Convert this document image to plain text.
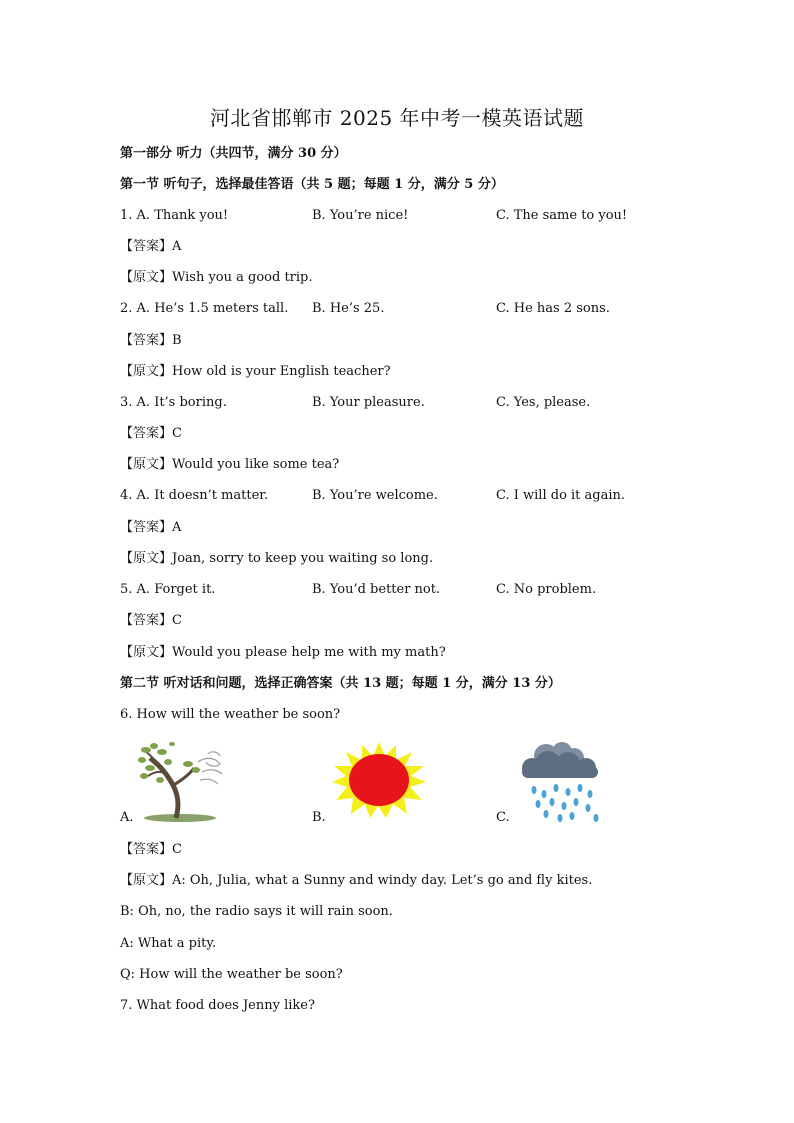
河北省邯郸市 2025 年中考一模英语试题
第一部分 听力（共四节，满分 30 分）
第一节 听句子，选择最佳答语（共 5 题；每题 1 分，满分 5 分）
1. A. Thank you!	B. You’re nice!	C. The same to you!
【答案】A
【原文】Wish you a good trip.
2. A. He’s 1.5 meters tall. B. He’s 25.	C. He has 2 sons.
【答案】B
【原文】How old is your English teacher?
3. A. It’s boring.	B. Your pleasure.	C. Yes, please.
【答案】C
【原文】Would you like some tea?
4. A. It doesn’t matter.	B. You’re welcome.	C. I will do it again.
【答案】A
【原文】Joan, sorry to keep you waiting so long.
5. A. Forget it.	B. You’d better not.	C. No problem.
【答案】C
【原文】Would you please help me with my math?
第二节 听对话和问题，选择正确答案（共 13 题；每题 1 分，满分 13 分）
6. How will the weather be soon?
A.	B.	C.
【答案】C
【原文】A: Oh, Julia, what a Sunny and windy day. Let’s go and fly kites.
B: Oh, no, the radio says it will rain soon.
A: What a pity.
Q: How will the weather be soon?
7. What food does Jenny like?
